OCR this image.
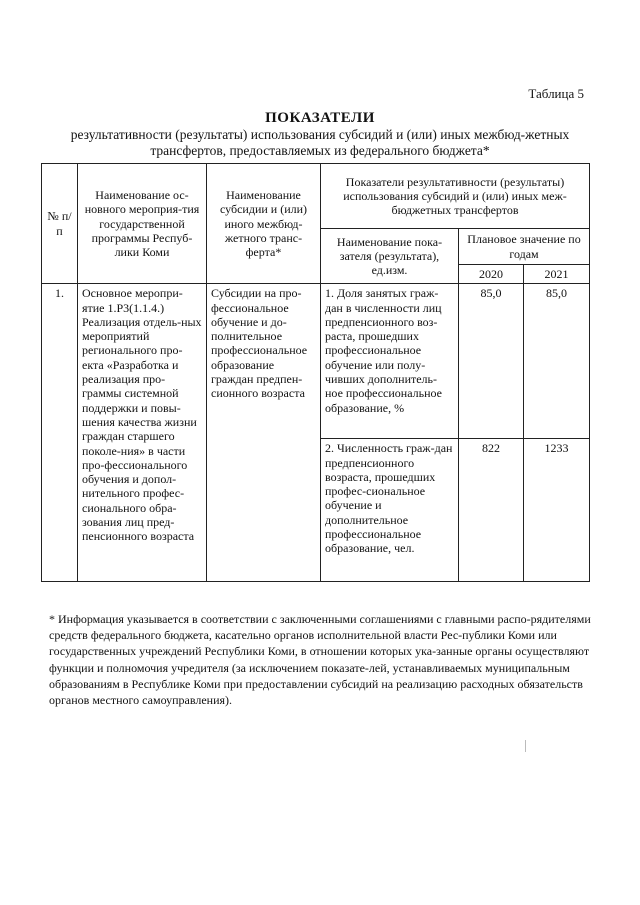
Таблица 5
ПОКАЗАТЕЛИ
результативности (результаты) использования субсидий и (или) иных межбюд-жетных трансфертов, предоставляемых из федерального бюджета*
№ п/п	Наименование ос-новного мероприя-тия государственной программы Респуб-лики Коми	Наименование субсидии и (или) иного межбюд-жетного транс-ферта*	Показатели результативности (результаты) использования субсидий и (или) иных меж-бюджетных трансфертов		
			Наименование пока-зателя (результата), ед.изм.	Плановое значение по годам	
				2020	2021
1.	Основное меропри-ятие 1.Р3(1.1.4.) Реализация отдель-ных мероприятий регионального про-екта «Разработка и реализация про-граммы системной поддержки и повы-шения качества жизни граждан старшего поколе-ния» в части про-фессионального обучения и допол-нительного профес-сионального обра-зования лиц пред-пенсионного возраста	Субсидии на про-фессиональное обучение и до-полнительное профессиональное образование граждан предпен-сионного возраста	1. Доля занятых граж-дан в численности лиц предпенсионного воз-раста, прошедших профессиональное обучение или полу-чивших дополнитель-ное профессиональное образование, %	85,0	85,0
			2. Численность граж-дан предпенсионного возраста, прошедших профес-сиональное обучение и дополнительное профессиональное образование, чел.	822	1233
* Информация указывается в соответствии с заключенными соглашениями с главными распо-рядителями средств федерального бюджета, касательно органов исполнительной власти Рес-публики Коми или государственных учреждений Республики Коми, в отношении которых ука-занные органы осуществляют функции и полномочия учредителя (за исключением показате-лей, устанавливаемых муниципальным образованиям в Республике Коми при предоставлении субсидий на реализацию расходных обязательств органов местного самоуправления).
